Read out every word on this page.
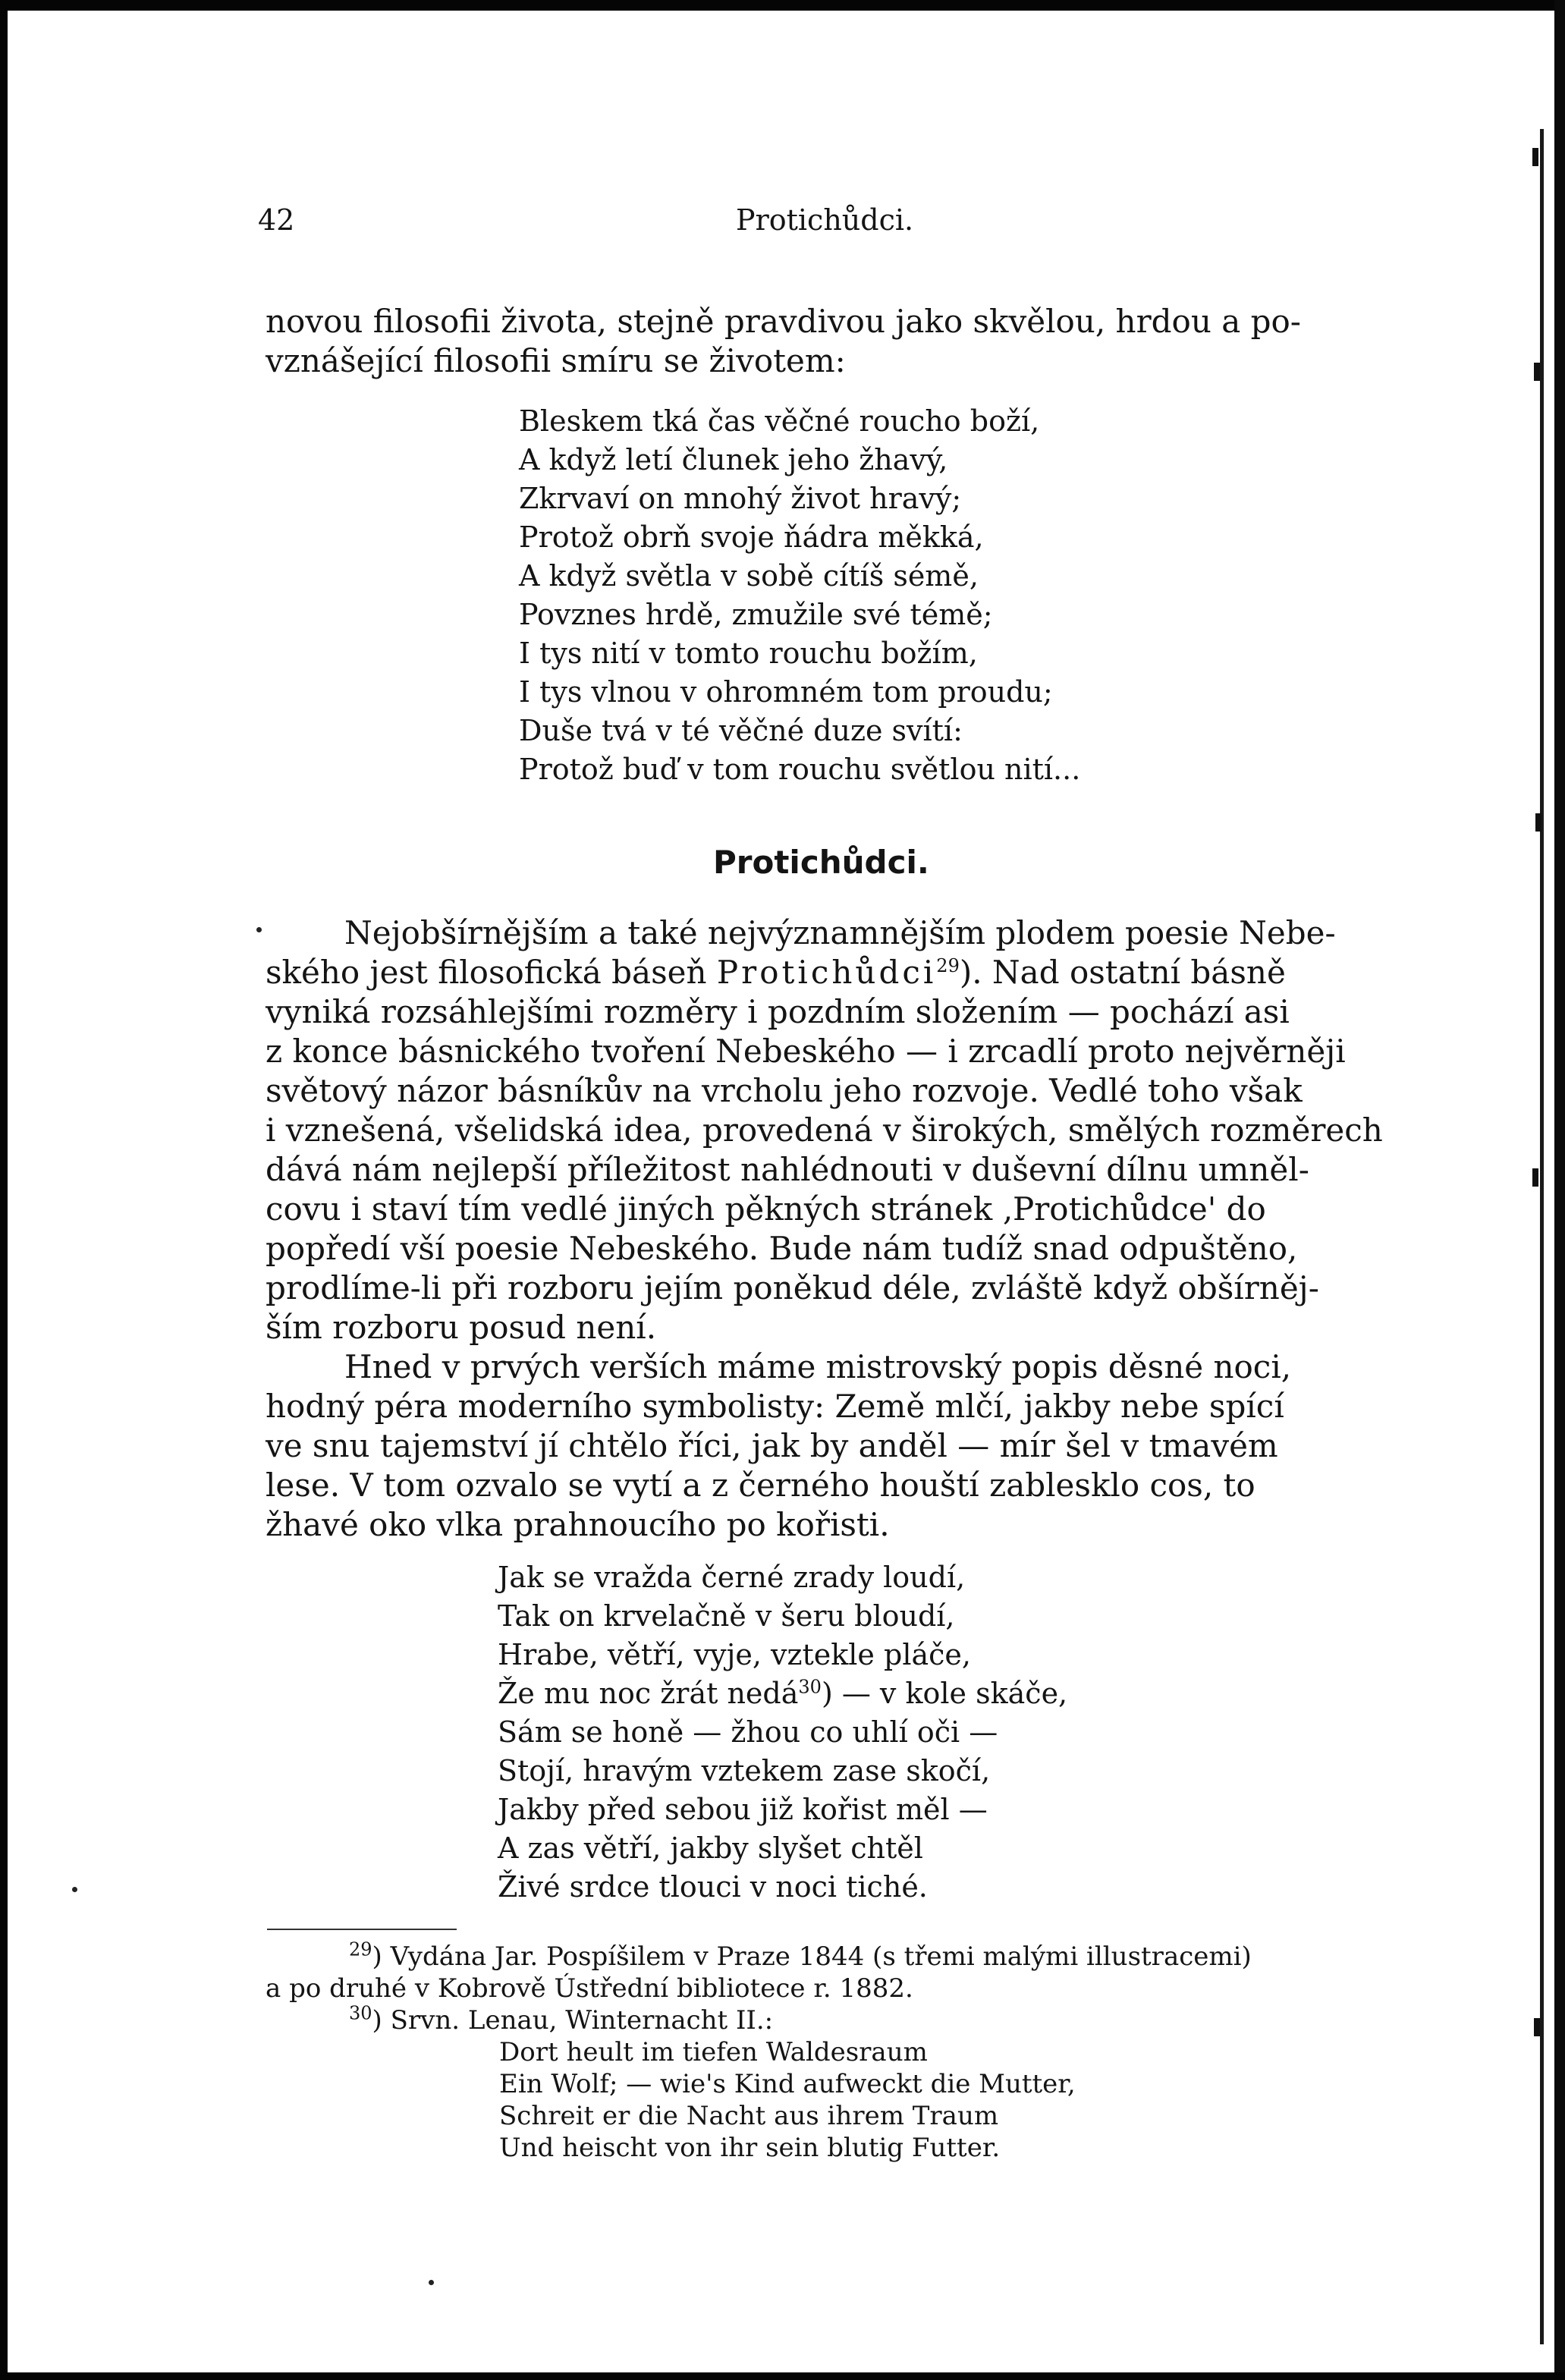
42	Protichůdci.
novou filosofii života, stejně pravdivou jako skvělou, hrdou a po-
vznášející filosofii smíru se životem:
Bleskem tká čas věčné roucho boží,
A když letí člunek jeho žhavý,
Zkrvaví on mnohý život hravý;
Protož obrň svoje ňádra měkká,
A když světla v sobě cítíš sémě,
Povznes hrdě, zmužile své témě;
I tys nití v tomto rouchu božím,
I tys vlnou v ohromném tom proudu;
Duše tvá v té věčné duze svítí:
Protož buď v tom rouchu světlou nití...
Protichůdci.
Nejobšírnějším a také nejvýznamnějším plodem poesie Nebe-
ského jest filosofická báseň Protichůdci$^{29}$). Nad ostatní básně
vyniká rozsáhlejšími rozměry i pozdním složením — pochází asi
z konce básnického tvoření Nebeského — i zrcadlí proto nejvěrněji
světový názor básníkův na vrcholu jeho rozvoje. Vedlé toho však
i vznešená, všelidská idea, provedená v širokých, smělých rozměrech
dává nám nejlepší příležitost nahlédnouti v duševní dílnu umněl-
covu i staví tím vedlé jiných pěkných stránek ‚Protichůdce' do
popředí vší poesie Nebeského. Bude nám tudíž snad odpuštěno,
prodlíme-li při rozboru jejím poněkud déle, zvláště když obšírněj-
ším rozboru posud není.
Hned v prvých verších máme mistrovský popis děsné noci,
hodný péra moderního symbolisty: Země mlčí, jakby nebe spící
ve snu tajemství jí chtělo říci, jak by anděl — mír šel v tmavém
lese. V tom ozvalo se vytí a z černého houští zablesklo cos, to
žhavé oko vlka prahnoucího po kořisti.
Jak se vražda černé zrady loudí,
Tak on krvelačně v šeru bloudí,
Hrabe, větří, vyje, vztekle pláče,
Že mu noc žrát nedá$^{30}$) — v kole skáče,
Sám se honě — žhou co uhlí oči —
Stojí, hravým vztekem zase skočí,
Jakby před sebou již kořist měl —
A zas větří, jakby slyšet chtěl
Živé srdce tlouci v noci tiché.
$^{29}$) Vydána Jar. Pospíšilem v Praze 1844 (s třemi malými illustracemi)
a po druhé v Kobrově Ústřední bibliotece r. 1882.
$^{30}$) Srvn. Lenau, Winternacht II.:
Dort heult im tiefen Waldesraum
Ein Wolf; — wie's Kind aufweckt die Mutter,
Schreit er die Nacht aus ihrem Traum
Und heischt von ihr sein blutig Futter.
